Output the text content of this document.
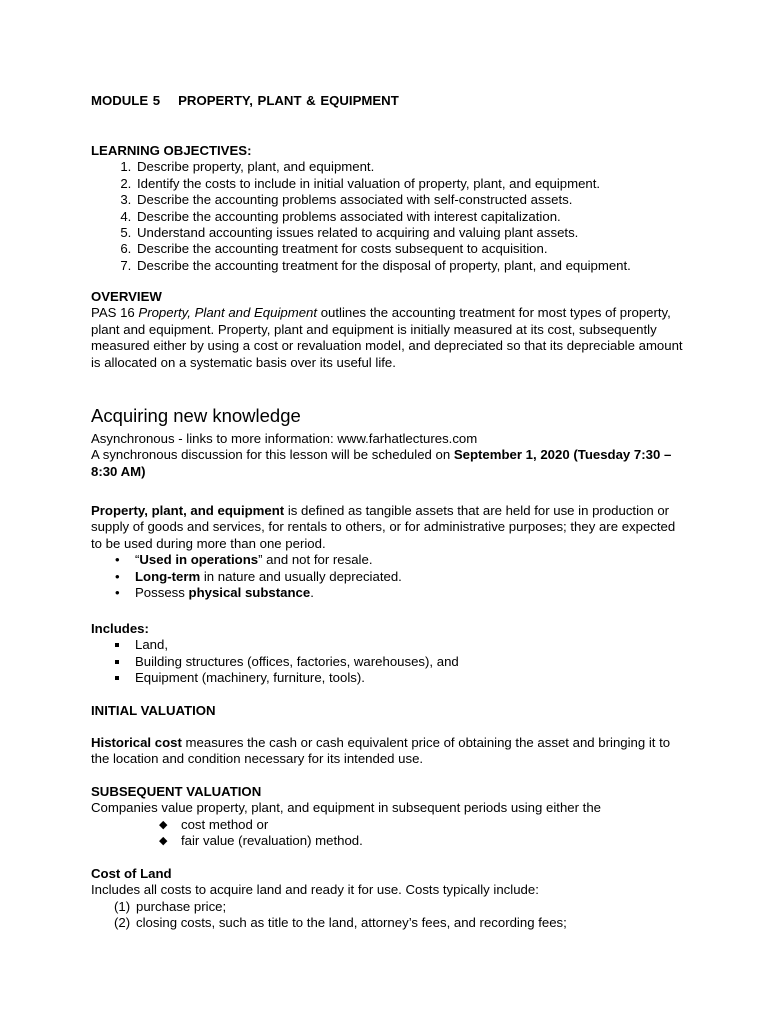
MODULE 5 PROPERTY, PLANT & EQUIPMENT
LEARNING OBJECTIVES:
1. Describe property, plant, and equipment.
2. Identify the costs to include in initial valuation of property, plant, and equipment.
3. Describe the accounting problems associated with self-constructed assets.
4. Describe the accounting problems associated with interest capitalization.
5. Understand accounting issues related to acquiring and valuing plant assets.
6. Describe the accounting treatment for costs subsequent to acquisition.
7. Describe the accounting treatment for the disposal of property, plant, and equipment.
OVERVIEW
PAS 16 Property, Plant and Equipment outlines the accounting treatment for most types of property, plant and equipment. Property, plant and equipment is initially measured at its cost, subsequently measured either by using a cost or revaluation model, and depreciated so that its depreciable amount is allocated on a systematic basis over its useful life.
Acquiring new knowledge
Asynchronous - links to more information: www.farhatlectures.com
A synchronous discussion for this lesson will be scheduled on September 1, 2020 (Tuesday 7:30 – 8:30 AM)
Property, plant, and equipment is defined as tangible assets that are held for use in production or supply of goods and services, for rentals to others, or for administrative purposes; they are expected to be used during more than one period.
• “Used in operations” and not for resale.
• Long-term in nature and usually depreciated.
• Possess physical substance.
Includes:
Land,
Building structures (offices, factories, warehouses), and
Equipment (machinery, furniture, tools).
INITIAL VALUATION
Historical cost measures the cash or cash equivalent price of obtaining the asset and bringing it to the location and condition necessary for its intended use.
SUBSEQUENT VALUATION
Companies value property, plant, and equipment in subsequent periods using either the
◆ cost method or
◆ fair value (revaluation) method.
Cost of Land
Includes all costs to acquire land and ready it for use. Costs typically include:
(1) purchase price;
(2) closing costs, such as title to the land, attorney’s fees, and recording fees;
